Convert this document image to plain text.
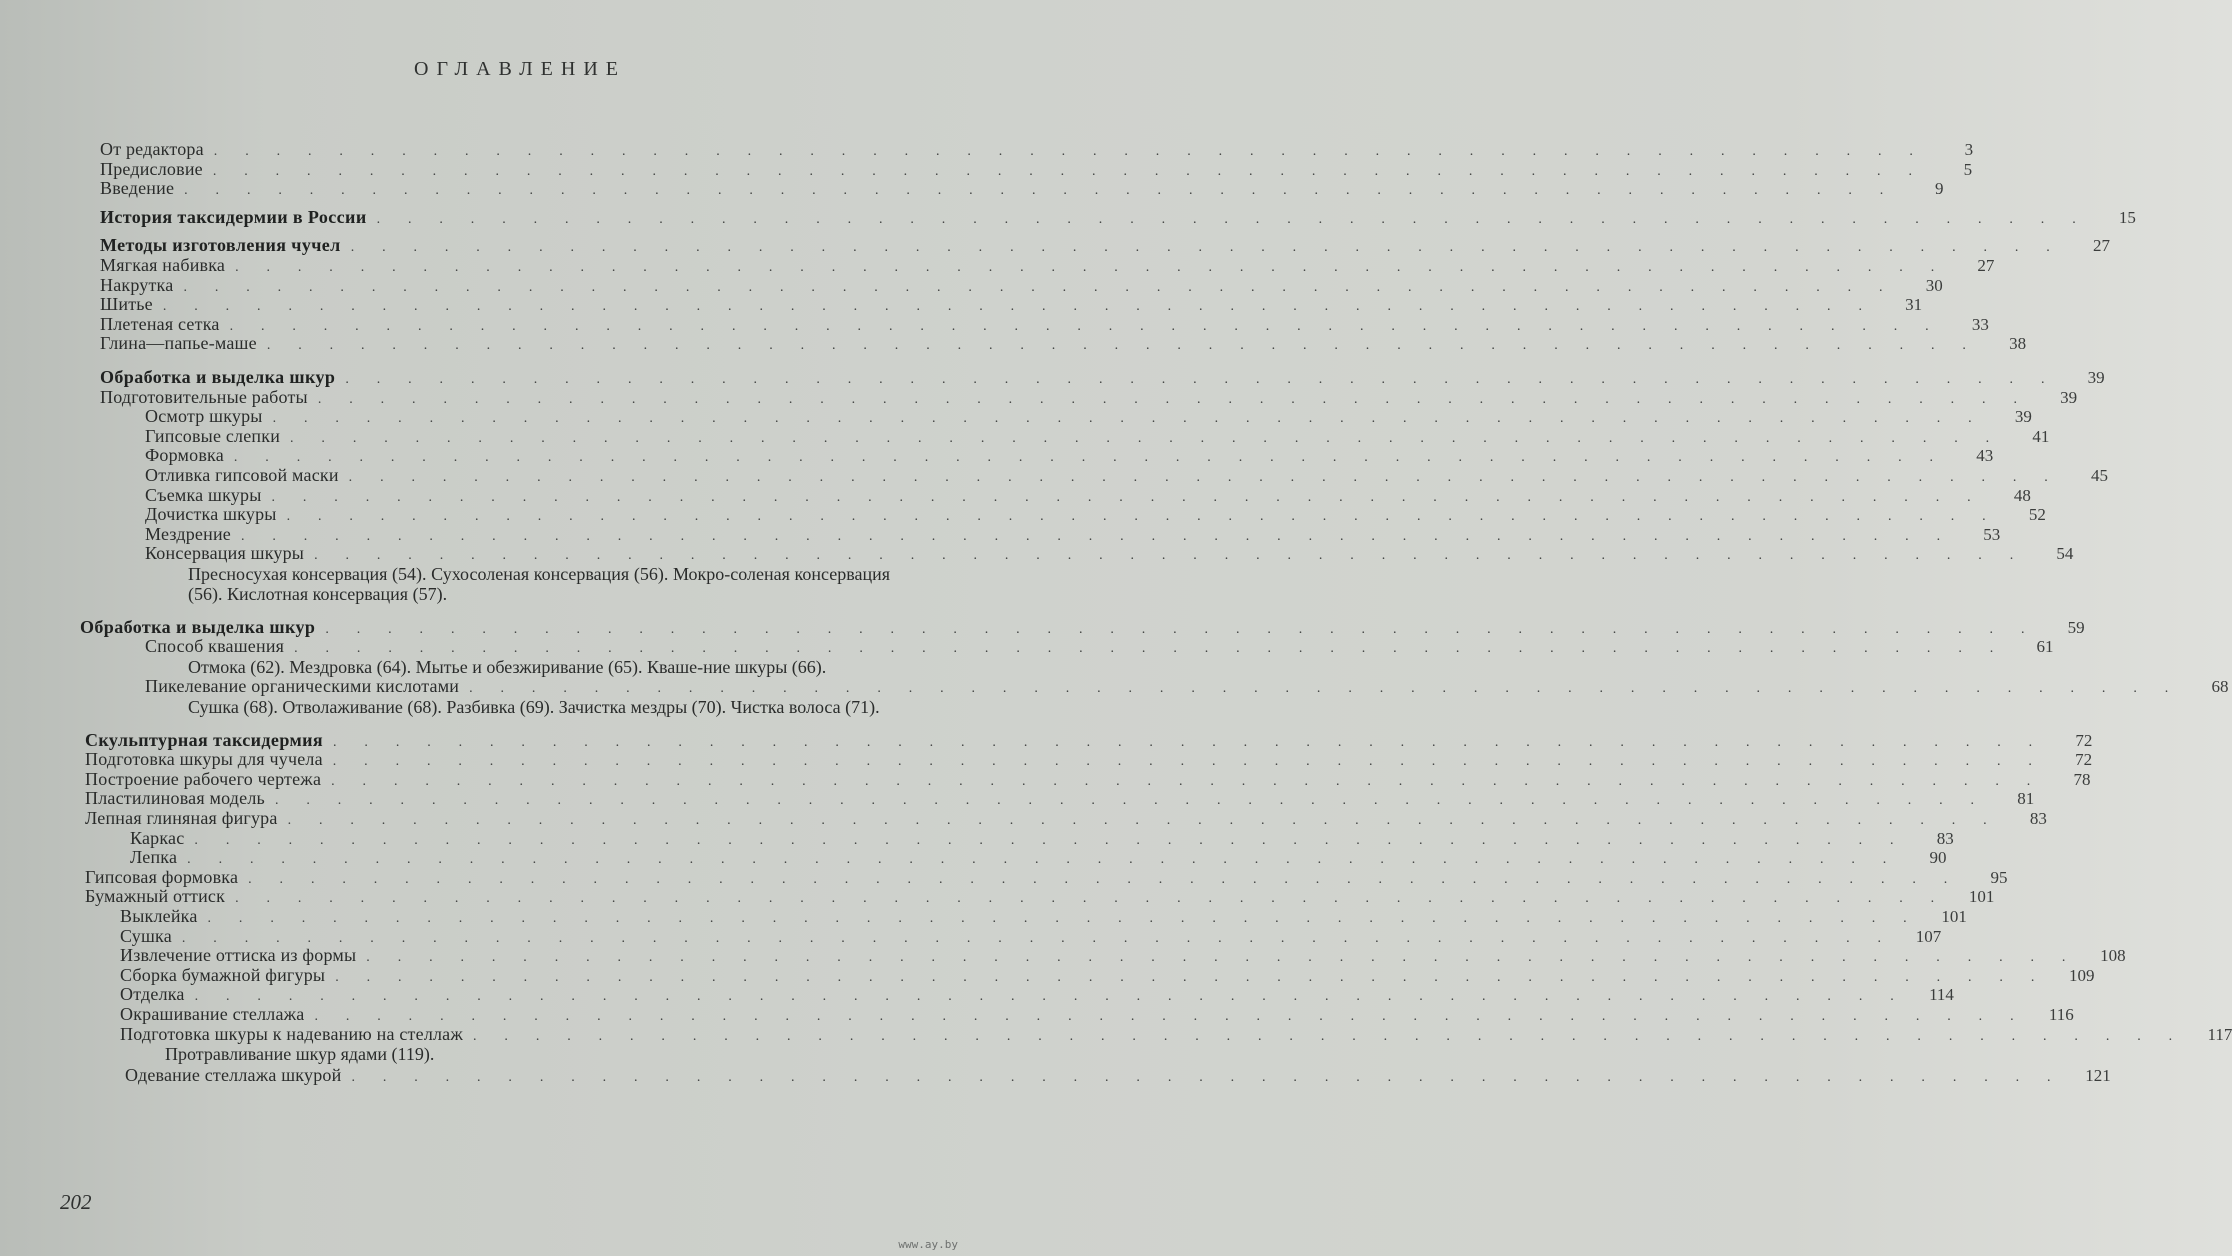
ОГЛАВЛЕНИЕ
От редактора . . . . . . . . . . . . . . . . . . . . . . . . . . . . . . . . . . . . . . . . . . . . . . . . . . . . . . .	3
Предисловие . . . . . . . . . . . . . . . . . . . . . . . . . . . . . . . . . . . . . . . . . . . . . . . . . . . . . . .	5
Введение . . . . . . . . . . . . . . . . . . . . . . . . . . . . . . . . . . . . . . . . . . . . . . . . . . . . . . .	9
История таксидермии в России . . . . . . . . . . . . . . . . . . . . . . . . . . . . . . . . . . . . . . . . . . . . . . . . . . . . . . .	15
Методы изготовления чучел . . . . . . . . . . . . . . . . . . . . . . . . . . . . . . . . . . . . . . . . . . . . . . . . . . . . . . .	27
Мягкая набивка . . . . . . . . . . . . . . . . . . . . . . . . . . . . . . . . . . . . . . . . . . . . . . . . . . . . . . .	27
Накрутка . . . . . . . . . . . . . . . . . . . . . . . . . . . . . . . . . . . . . . . . . . . . . . . . . . . . . . .	30
Шитье . . . . . . . . . . . . . . . . . . . . . . . . . . . . . . . . . . . . . . . . . . . . . . . . . . . . . . .	31
Плетеная сетка . . . . . . . . . . . . . . . . . . . . . . . . . . . . . . . . . . . . . . . . . . . . . . . . . . . . . . .	33
Глина—папье-маше . . . . . . . . . . . . . . . . . . . . . . . . . . . . . . . . . . . . . . . . . . . . . . . . . . . . . . .	38
Обработка и выделка шкур . . . . . . . . . . . . . . . . . . . . . . . . . . . . . . . . . . . . . . . . . . . . . . . . . . . . . . .	39
Подготовительные работы . . . . . . . . . . . . . . . . . . . . . . . . . . . . . . . . . . . . . . . . . . . . . . . . . . . . . . .	39
Осмотр шкуры . . . . . . . . . . . . . . . . . . . . . . . . . . . . . . . . . . . . . . . . . . . . . . . . . . . . . . .	39
Гипсовые слепки . . . . . . . . . . . . . . . . . . . . . . . . . . . . . . . . . . . . . . . . . . . . . . . . . . . . . . .	41
Формовка . . . . . . . . . . . . . . . . . . . . . . . . . . . . . . . . . . . . . . . . . . . . . . . . . . . . . . .	43
Отливка гипсовой маски . . . . . . . . . . . . . . . . . . . . . . . . . . . . . . . . . . . . . . . . . . . . . . . . . . . . . . .	45
Съемка шкуры . . . . . . . . . . . . . . . . . . . . . . . . . . . . . . . . . . . . . . . . . . . . . . . . . . . . . . .	48
Дочистка шкуры . . . . . . . . . . . . . . . . . . . . . . . . . . . . . . . . . . . . . . . . . . . . . . . . . . . . . . .	52
Мездрение . . . . . . . . . . . . . . . . . . . . . . . . . . . . . . . . . . . . . . . . . . . . . . . . . . . . . . .	53
Консервация шкуры . . . . . . . . . . . . . . . . . . . . . . . . . . . . . . . . . . . . . . . . . . . . . . . . . . . . . . .	54
Пресносухая консервация (54). Сухосоленая консервация (56). Мокро-соленая консервация (56). Кислотная консервация (57).
Обработка и выделка шкур . . . . . . . . . . . . . . . . . . . . . . . . . . . . . . . . . . . . . . . . . . . . . . . . . . . . . . .	59
Способ квашения . . . . . . . . . . . . . . . . . . . . . . . . . . . . . . . . . . . . . . . . . . . . . . . . . . . . . . .	61
Отмока (62). Мездровка (64). Мытье и обезжиривание (65). Кваше-ние шкуры (66).
Пикелевание органическими кислотами . . . . . . . . . . . . . . . . . . . . . . . . . . . . . . . . . . . . . . . . . . . . . . . . . . . . . . .	68
Сушка (68). Отволаживание (68). Разбивка (69). Зачистка мездры (70). Чистка волоса (71).
Скульптурная таксидермия . . . . . . . . . . . . . . . . . . . . . . . . . . . . . . . . . . . . . . . . . . . . . . . . . . . . . . .	72
Подготовка шкуры для чучела . . . . . . . . . . . . . . . . . . . . . . . . . . . . . . . . . . . . . . . . . . . . . . . . . . . . . . .	72
Построение рабочего чертежа . . . . . . . . . . . . . . . . . . . . . . . . . . . . . . . . . . . . . . . . . . . . . . . . . . . . . . .	78
Пластилиновая модель . . . . . . . . . . . . . . . . . . . . . . . . . . . . . . . . . . . . . . . . . . . . . . . . . . . . . . .	81
Лепная глиняная фигура . . . . . . . . . . . . . . . . . . . . . . . . . . . . . . . . . . . . . . . . . . . . . . . . . . . . . . .	83
Каркас . . . . . . . . . . . . . . . . . . . . . . . . . . . . . . . . . . . . . . . . . . . . . . . . . . . . . . .	83
Лепка . . . . . . . . . . . . . . . . . . . . . . . . . . . . . . . . . . . . . . . . . . . . . . . . . . . . . . .	90
Гипсовая формовка . . . . . . . . . . . . . . . . . . . . . . . . . . . . . . . . . . . . . . . . . . . . . . . . . . . . . . .	95
Бумажный оттиск . . . . . . . . . . . . . . . . . . . . . . . . . . . . . . . . . . . . . . . . . . . . . . . . . . . . . . .	101
Выклейка . . . . . . . . . . . . . . . . . . . . . . . . . . . . . . . . . . . . . . . . . . . . . . . . . . . . . . .	101
Сушка . . . . . . . . . . . . . . . . . . . . . . . . . . . . . . . . . . . . . . . . . . . . . . . . . . . . . . .	107
Извлечение оттиска из формы . . . . . . . . . . . . . . . . . . . . . . . . . . . . . . . . . . . . . . . . . . . . . . . . . . . . . . .	108
Сборка бумажной фигуры . . . . . . . . . . . . . . . . . . . . . . . . . . . . . . . . . . . . . . . . . . . . . . . . . . . . . . .	109
Отделка . . . . . . . . . . . . . . . . . . . . . . . . . . . . . . . . . . . . . . . . . . . . . . . . . . . . . . .	114
Окрашивание стеллажа . . . . . . . . . . . . . . . . . . . . . . . . . . . . . . . . . . . . . . . . . . . . . . . . . . . . . . .	116
Подготовка шкуры к надеванию на стеллаж . . . . . . . . . . . . . . . . . . . . . . . . . . . . . . . . . . . . . . . . . . . . . . . . . . . . . . .	117
Протравливание шкур ядами (119).
Одевание стеллажа шкурой . . . . . . . . . . . . . . . . . . . . . . . . . . . . . . . . . . . . . . . . . . . . . . . . . . . . . . .	121
202
www.ay.by
